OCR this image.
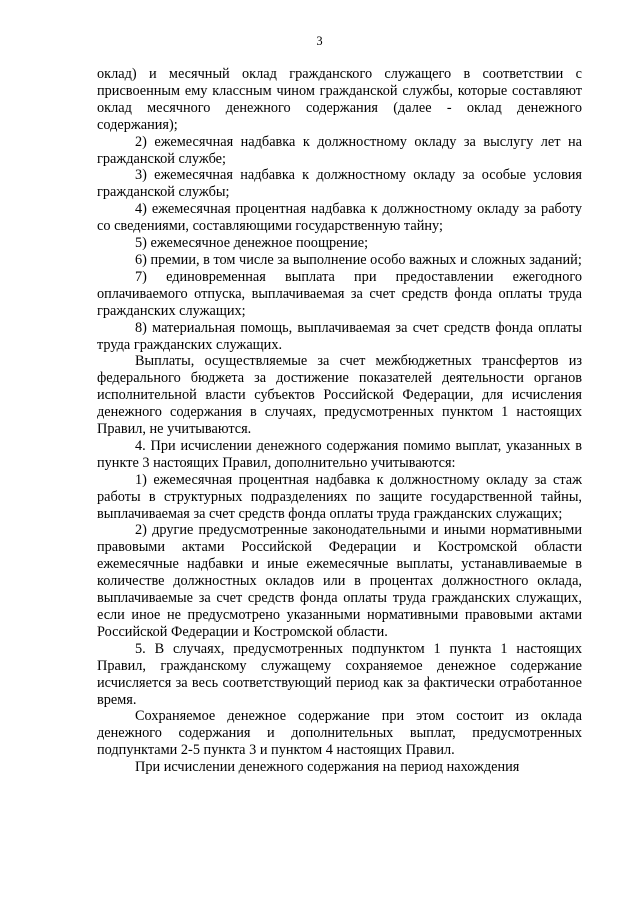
3

оклад) и месячный оклад гражданского служащего в соответствии с присвоенным ему классным чином гражданской службы, которые составляют оклад месячного денежного содержания (далее - оклад денежного содержания);

2) ежемесячная надбавка к должностному окладу за выслугу лет на гражданской службе;

3) ежемесячная надбавка к должностному окладу за особые условия гражданской службы;

4) ежемесячная процентная надбавка к должностному окладу за работу со сведениями, составляющими государственную тайну;

5) ежемесячное денежное поощрение;

6) премии, в том числе за выполнение особо важных и сложных заданий;

7) единовременная выплата при предоставлении ежегодного оплачиваемого отпуска, выплачиваемая за счет средств фонда оплаты труда гражданских служащих;

8) материальная помощь, выплачиваемая за счет средств фонда оплаты труда гражданских служащих.

Выплаты, осуществляемые за счет межбюджетных трансфертов из федерального бюджета за достижение показателей деятельности органов исполнительной власти субъектов Российской Федерации, для исчисления денежного содержания в случаях, предусмотренных пунктом 1 настоящих Правил, не учитываются.

4. При исчислении денежного содержания помимо выплат, указанных в пункте 3 настоящих Правил, дополнительно учитываются:

1) ежемесячная процентная надбавка к должностному окладу за стаж работы в структурных подразделениях по защите государственной тайны, выплачиваемая за счет средств фонда оплаты труда гражданских служащих;

2) другие предусмотренные законодательными и иными нормативными правовыми актами Российской Федерации и Костромской области ежемесячные надбавки и иные ежемесячные выплаты, устанавливаемые в количестве должностных окладов или в процентах должностного оклада, выплачиваемые за счет средств фонда оплаты труда гражданских служащих, если иное не предусмотрено указанными нормативными правовыми актами Российской Федерации и Костромской области.

5. В случаях, предусмотренных подпунктом 1 пункта 1 настоящих Правил, гражданскому служащему сохраняемое денежное содержание исчисляется за весь соответствующий период как за фактически отработанное время.

Сохраняемое денежное содержание при этом состоит из оклада денежного содержания и дополнительных выплат, предусмотренных подпунктами 2-5 пункта 3 и пунктом 4 настоящих Правил.

При исчислении денежного содержания на период нахождения
